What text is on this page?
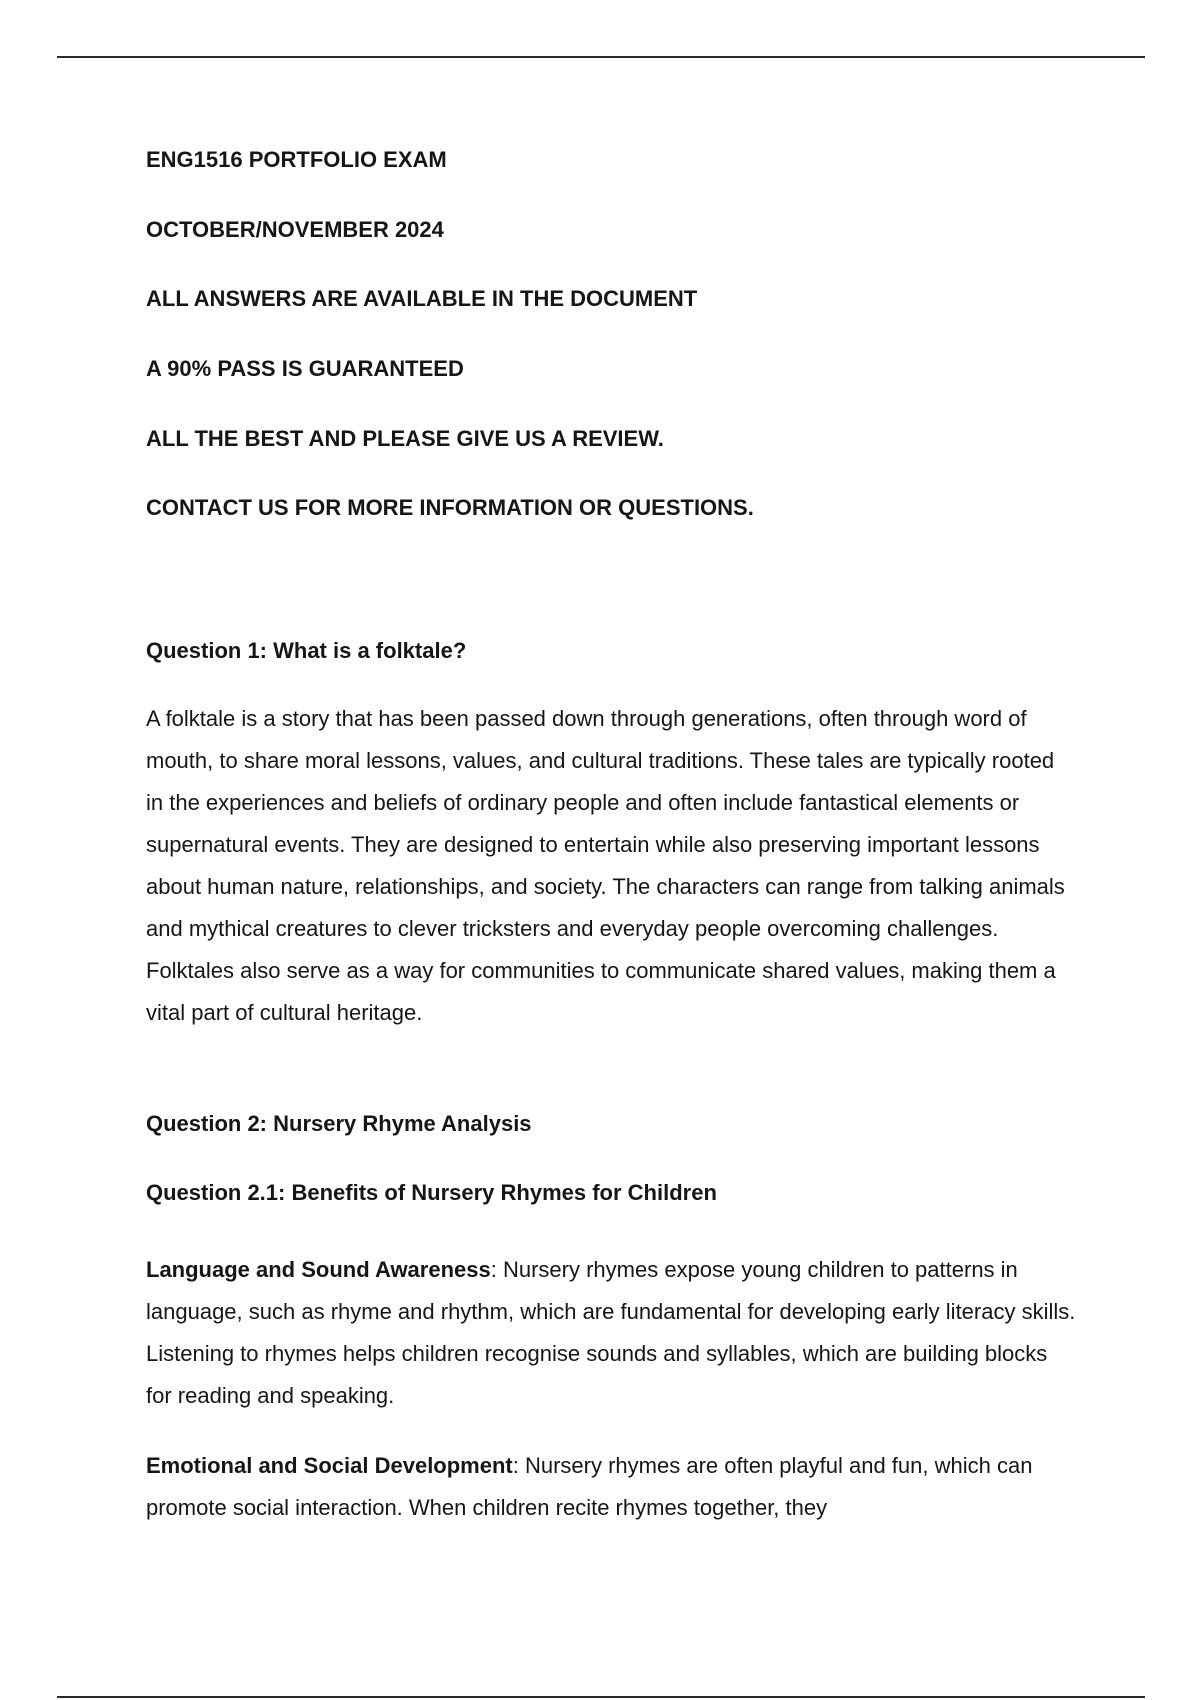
ENG1516 PORTFOLIO EXAM

OCTOBER/NOVEMBER 2024

ALL ANSWERS ARE AVAILABLE IN THE DOCUMENT

A 90% PASS IS GUARANTEED

ALL THE BEST AND PLEASE GIVE US A REVIEW.

CONTACT US FOR MORE INFORMATION OR QUESTIONS.

Question 1: What is a folktale?

A folktale is a story that has been passed down through generations, often through word of mouth, to share moral lessons, values, and cultural traditions. These tales are typically rooted in the experiences and beliefs of ordinary people and often include fantastical elements or supernatural events. They are designed to entertain while also preserving important lessons about human nature, relationships, and society. The characters can range from talking animals and mythical creatures to clever tricksters and everyday people overcoming challenges. Folktales also serve as a way for communities to communicate shared values, making them a vital part of cultural heritage.

Question 2: Nursery Rhyme Analysis

Question 2.1: Benefits of Nursery Rhymes for Children

Language and Sound Awareness: Nursery rhymes expose young children to patterns in language, such as rhyme and rhythm, which are fundamental for developing early literacy skills. Listening to rhymes helps children recognise sounds and syllables, which are building blocks for reading and speaking.

Emotional and Social Development: Nursery rhymes are often playful and fun, which can promote social interaction. When children recite rhymes together, they
